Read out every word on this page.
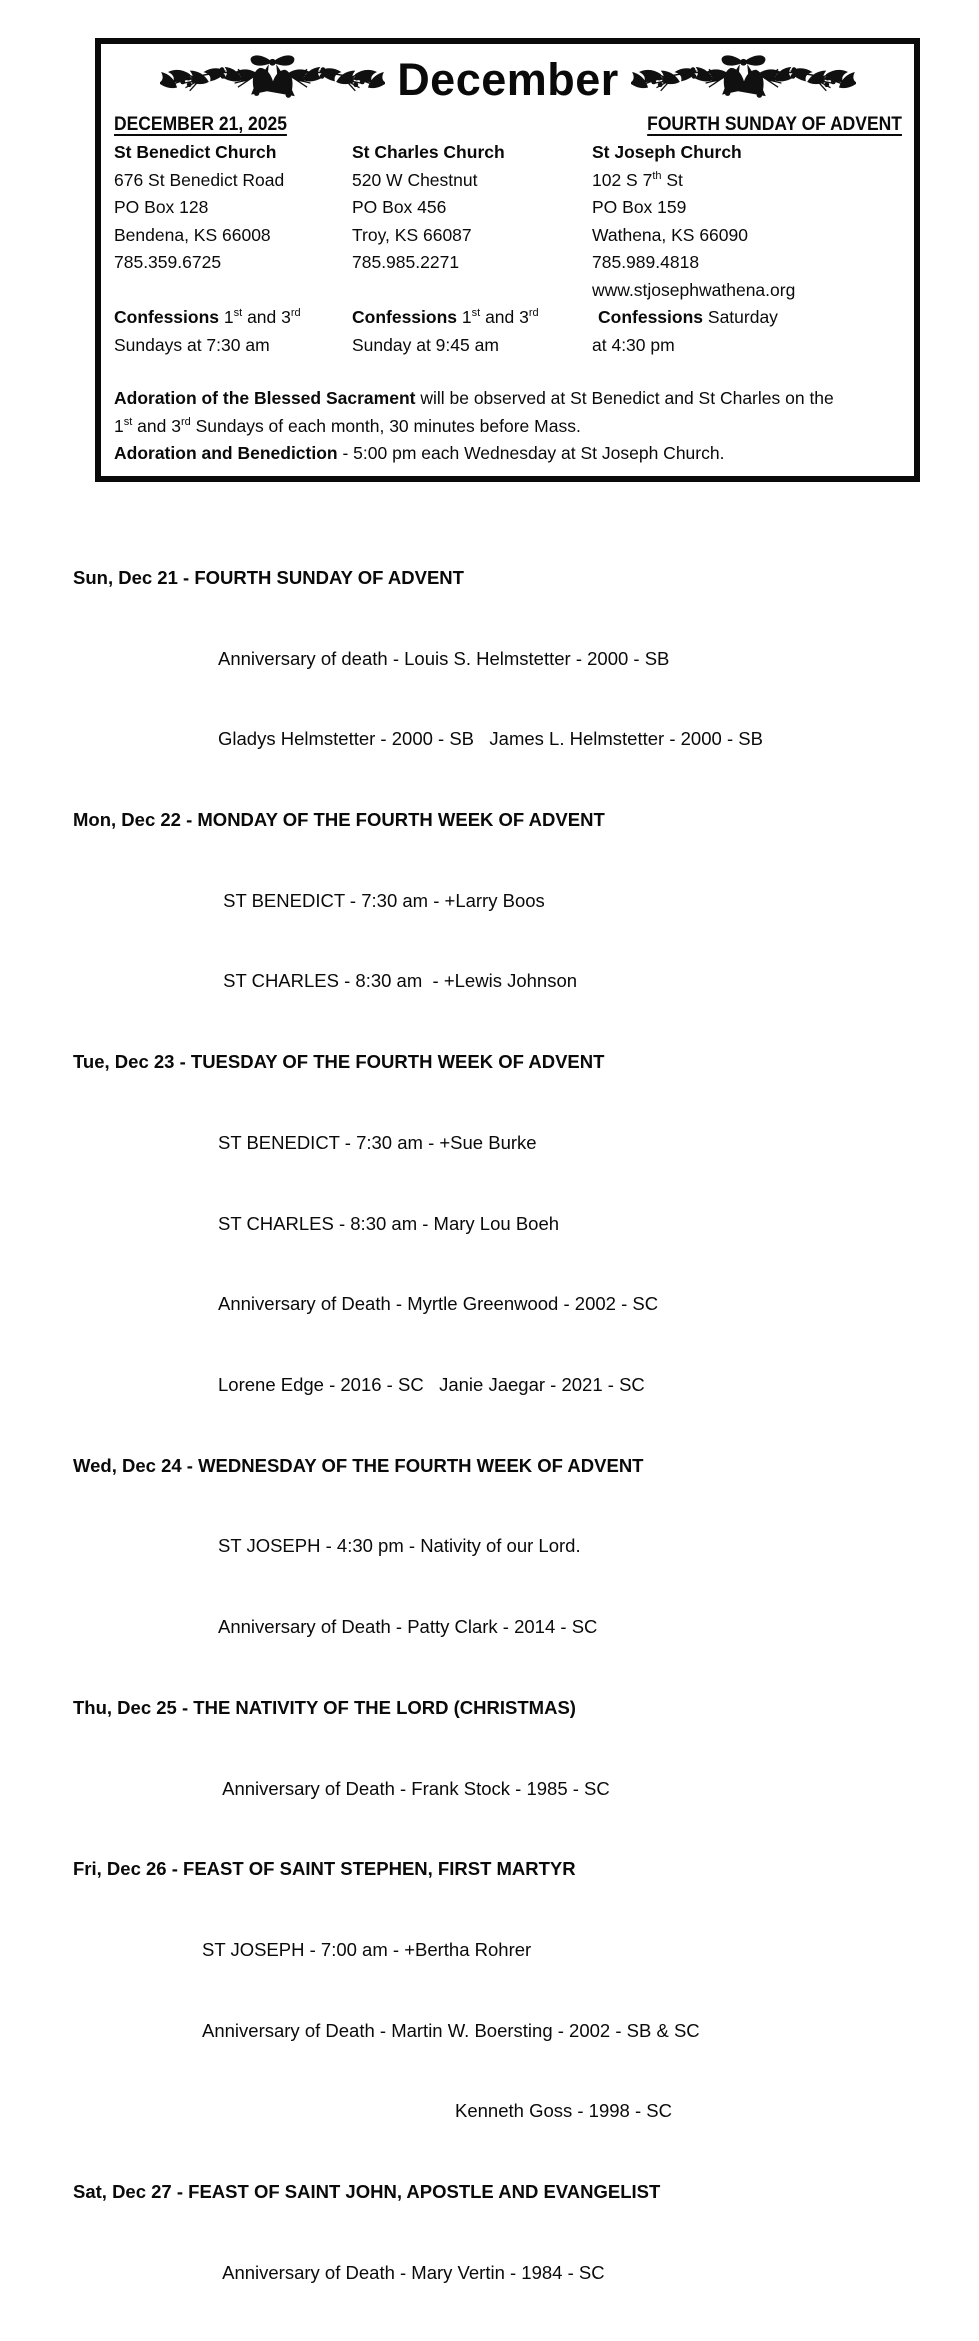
December
DECEMBER 21, 2025	FOURTH SUNDAY OF ADVENT
St Benedict Church
676 St Benedict Road
PO Box 128
Bendena, KS 66008
785.359.6725
Confessions 1st and 3rd
Sundays at 7:30 am
St Charles Church
520 W Chestnut
PO Box 456
Troy, KS 66087
785.985.2271
Confessions 1st and 3rd
Sunday at 9:45 am
St Joseph Church
102 S 7th St
PO Box 159
Wathena, KS 66090
785.989.4818
www.stjosephwathena.org
Confessions Saturday
at 4:30 pm
Adoration of the Blessed Sacrament will be observed at St Benedict and St Charles on the 1st and 3rd Sundays of each month, 30 minutes before Mass.
Adoration and Benediction - 5:00 pm each Wednesday at St Joseph Church.

Sun, Dec 21 - FOURTH SUNDAY OF ADVENT

Anniversary of death - Louis S. Helmstetter - 2000 - SB

Gladys Helmstetter - 2000 - SB   James L. Helmstetter - 2000 - SB

Mon, Dec 22 - MONDAY OF THE FOURTH WEEK OF ADVENT

ST BENEDICT - 7:30 am - +Larry Boos

ST CHARLES - 8:30 am  - +Lewis Johnson

Tue, Dec 23 - TUESDAY OF THE FOURTH WEEK OF ADVENT

ST BENEDICT - 7:30 am - +Sue Burke

ST CHARLES - 8:30 am - Mary Lou Boeh

Anniversary of Death - Myrtle Greenwood - 2002 - SC

Lorene Edge - 2016 - SC   Janie Jaegar - 2021 - SC

Wed, Dec 24 - WEDNESDAY OF THE FOURTH WEEK OF ADVENT

ST JOSEPH - 4:30 pm - Nativity of our Lord.

Anniversary of Death - Patty Clark - 2014 - SC

Thu, Dec 25 - THE NATIVITY OF THE LORD (CHRISTMAS)

Anniversary of Death - Frank Stock - 1985 - SC

Fri, Dec 26 - FEAST OF SAINT STEPHEN, FIRST MARTYR

ST JOSEPH - 7:00 am - +Bertha Rohrer

Anniversary of Death - Martin W. Boersting - 2002 - SB & SC

Kenneth Goss - 1998 - SC

Sat, Dec 27 - FEAST OF SAINT JOHN, APOSTLE AND EVANGELIST

Anniversary of Death - Mary Vertin - 1984 - SC
